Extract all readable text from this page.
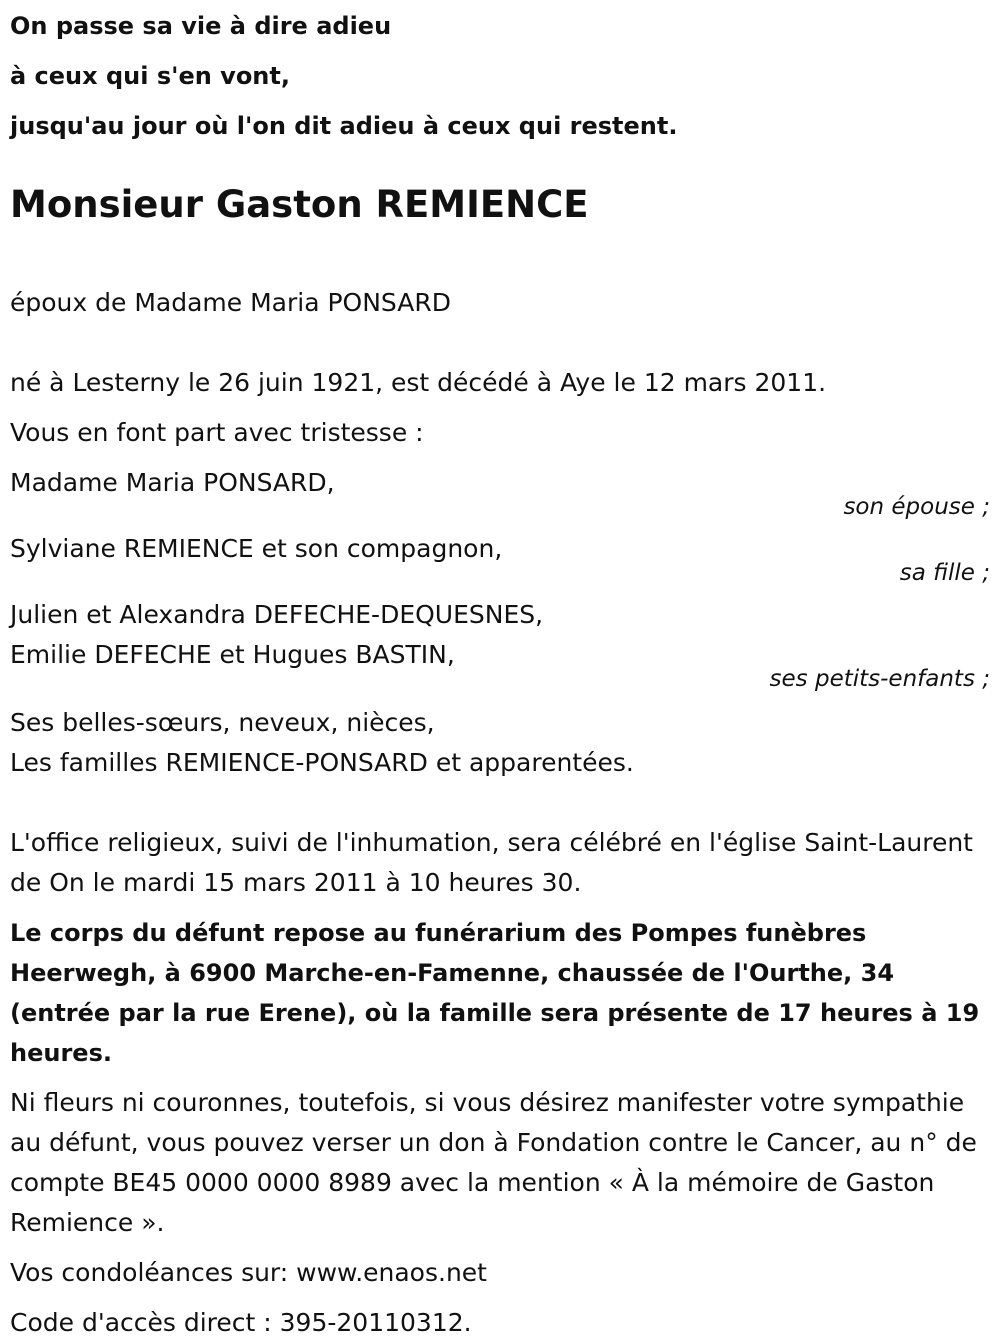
On passe sa vie à dire adieu
à ceux qui s'en vont,
jusqu'au jour où l'on dit adieu à ceux qui restent.
Monsieur Gaston REMIENCE
époux de Madame Maria PONSARD
né à Lesterny le 26 juin 1921, est décédé à Aye le 12 mars 2011.
Vous en font part avec tristesse :
Madame Maria PONSARD,
son épouse ;
Sylviane REMIENCE et son compagnon,
sa fille ;
Julien et Alexandra DEFECHE-DEQUESNES,
Emilie DEFECHE et Hugues BASTIN,
ses petits-enfants ;
Ses belles-sœurs, neveux, nièces,
Les familles REMIENCE-PONSARD et apparentées.
L'office religieux, suivi de l'inhumation, sera célébré en l'église Saint-Laurent de On le mardi 15 mars 2011 à 10 heures 30.
Le corps du défunt repose au funérarium des Pompes funèbres Heerwegh, à 6900 Marche-en-Famenne, chaussée de l'Ourthe, 34 (entrée par la rue Erene), où la famille sera présente de 17 heures à 19 heures.
Ni fleurs ni couronnes, toutefois, si vous désirez manifester votre sympathie au défunt, vous pouvez verser un don à Fondation contre le Cancer, au n° de compte BE45 0000 0000 8989 avec la mention « À la mémoire de Gaston Remience ».
Vos condoléances sur: www.enaos.net
Code d'accès direct : 395-20110312.
